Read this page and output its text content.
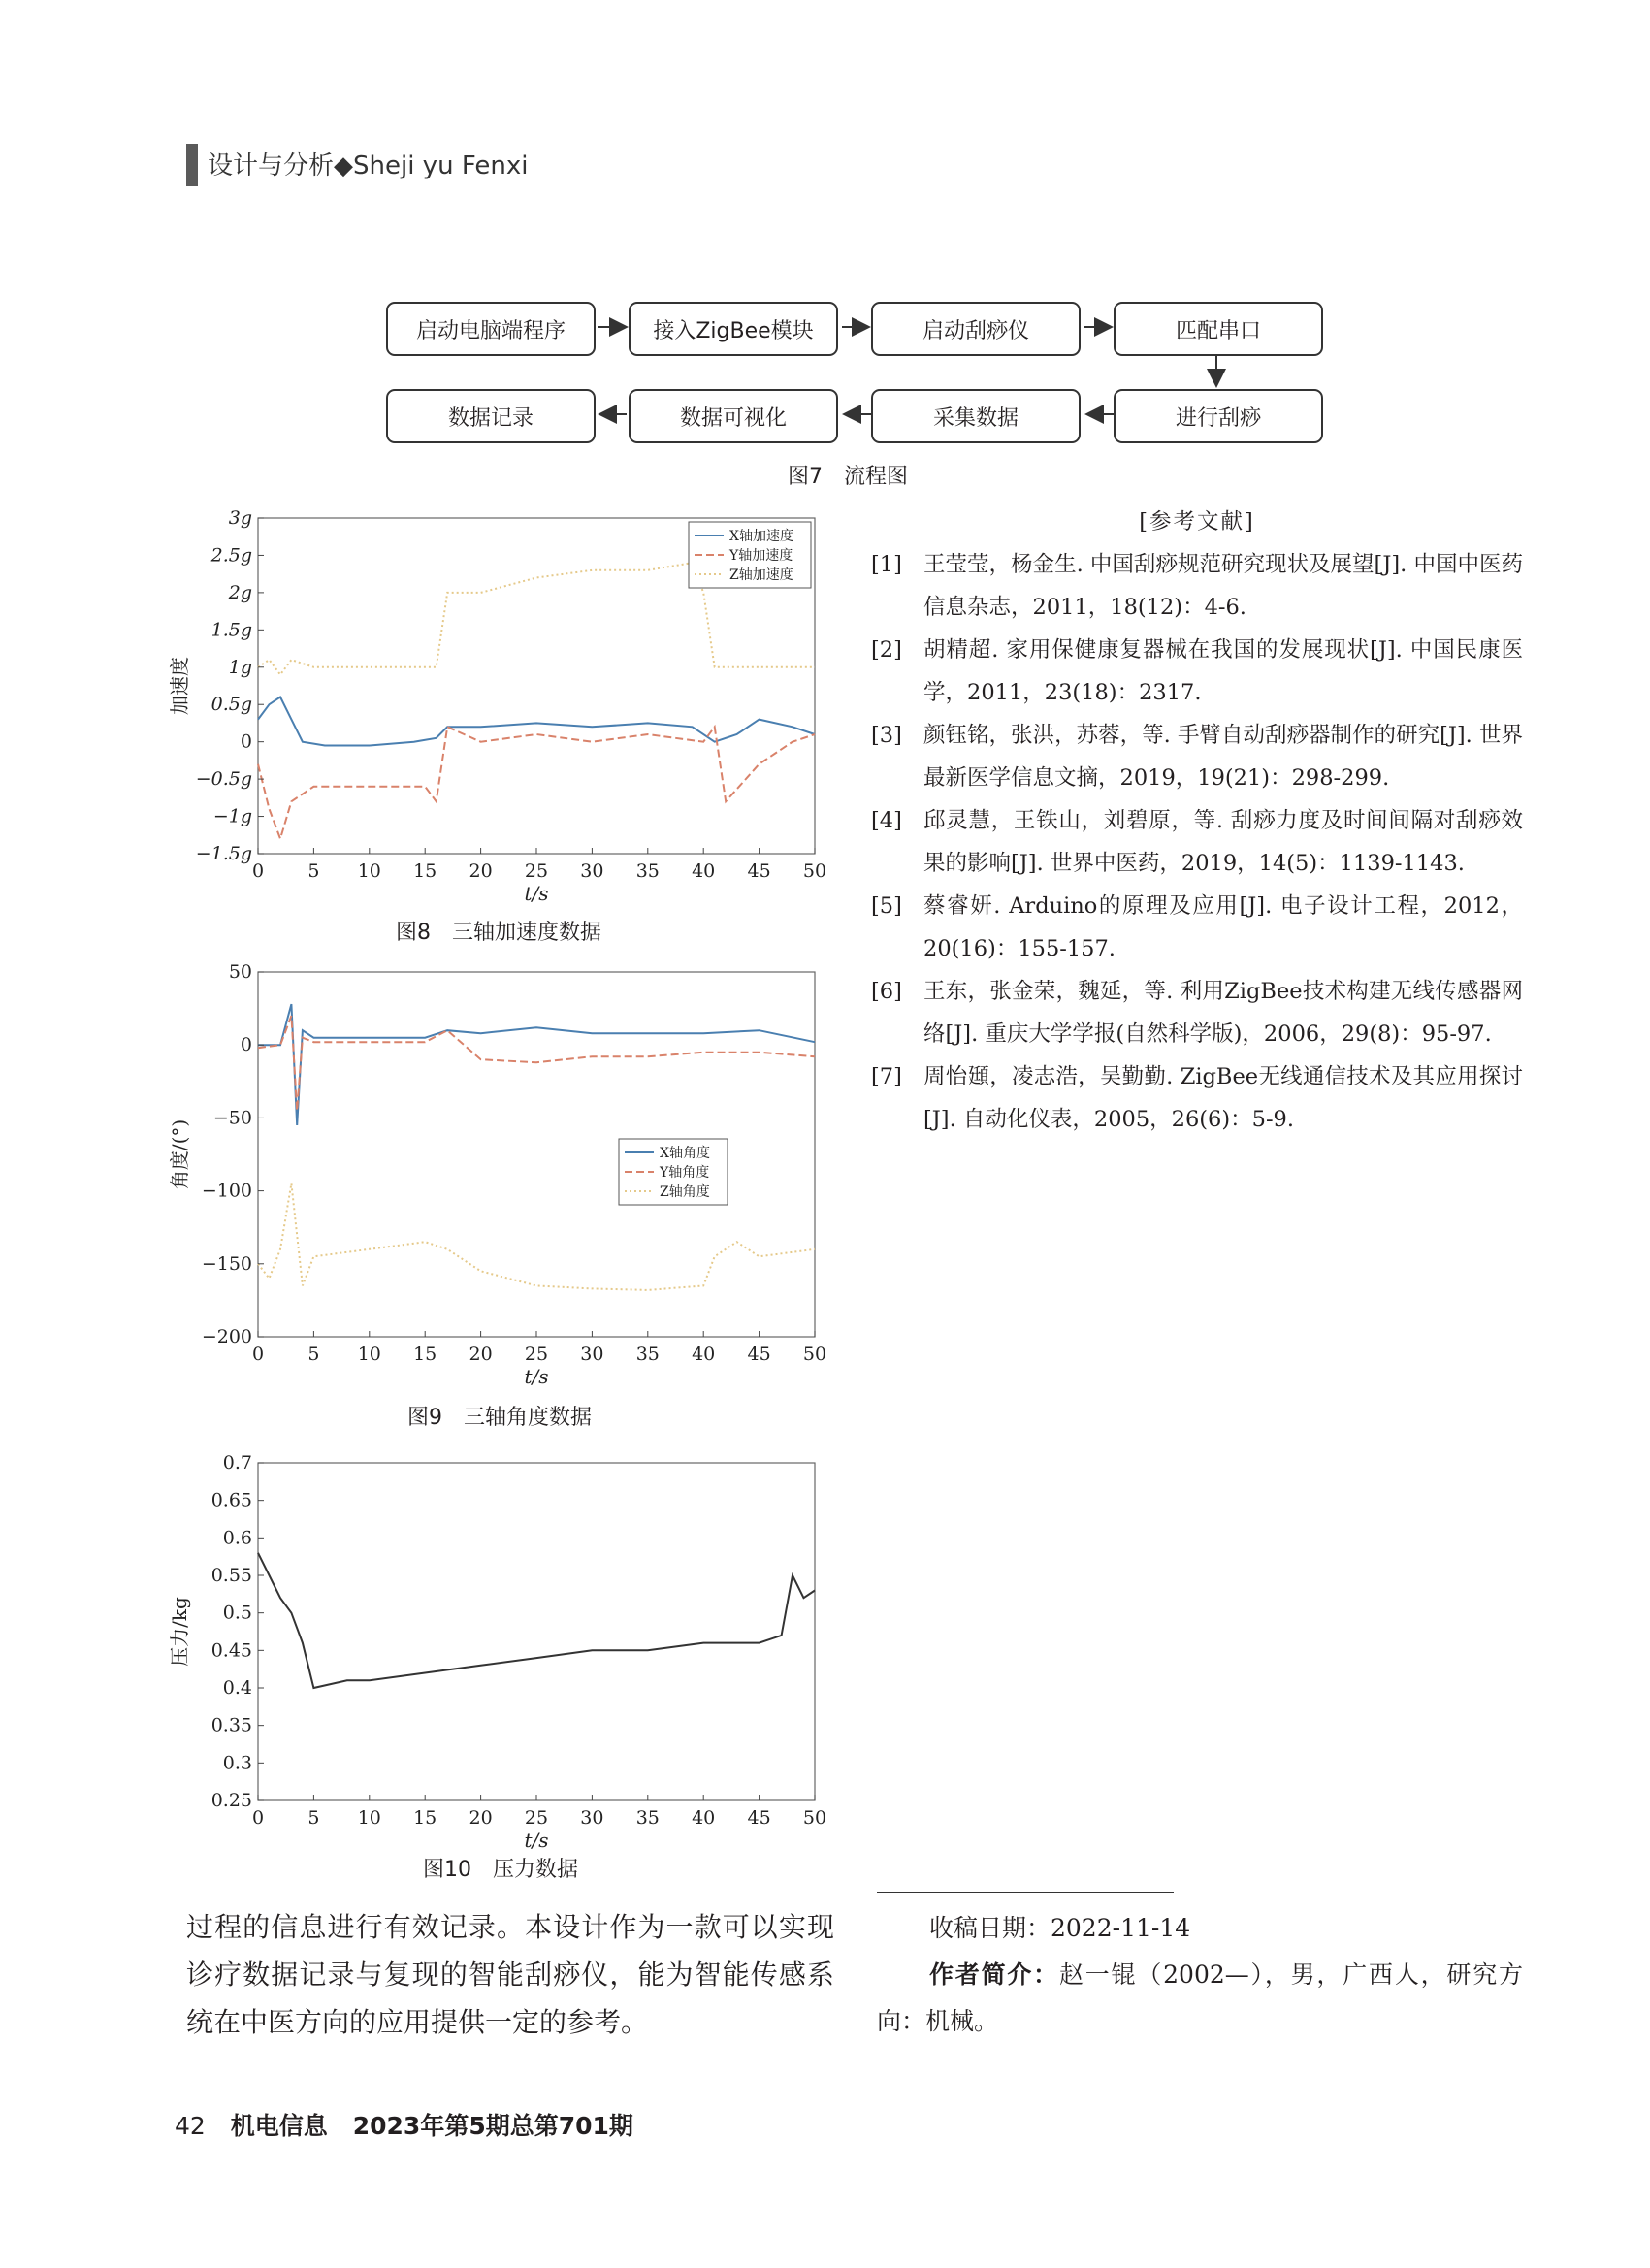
设计与分析◆Sheji yu Fenxi
启动电脑端程序	接入ZigBee模块	启动刮痧仪	匹配串口
进行刮痧
采集数据
数据可视化
数据记录
图7　流程图
0 5 10 15 20 25 30 35 40 45 50
3g
2.5g
2g
1.5g
1g
0.5g
0
−0.5g
−1g
−1.5g
t/s
加速度
X轴加速度
Y轴加速度
Z轴加速度
图8　三轴加速度数据
0 5 10 15 20 25 30 35 40 45 50
50
0
−50
−100
−150
−200
t/s
角度/(°)	X轴角度
Y轴角度
Z轴角度
图9　三轴角度数据
0 5 10 15 20 25 30 35 40 45 50
0.7
0.65
0.6
0.55
0.5
0.45
0.4
0.35
0.3
0.25
t/s
压力/kg
图10　压力数据
[参考文献]
[1] 王莹莹，杨金生. 中国刮痧规范研究现状及展望[J]. 中国中医药信息杂志，2011，18(12)：4-6.
[2] 胡精超. 家用保健康复器械在我国的发展现状[J]. 中国民康医学，2011，23(18)：2317.
[3] 颜钰铭，张洪，苏蓉，等. 手臂自动刮痧器制作的研究[J]. 世界最新医学信息文摘，2019，19(21)：298-299.
[4] 邱灵慧，王铁山，刘碧原，等. 刮痧力度及时间间隔对刮痧效果的影响[J]. 世界中医药，2019，14(5)：1139-1143.
[5] 蔡睿妍. Arduino的原理及应用[J]. 电子设计工程，2012，20(16)：155-157.
[6] 王东，张金荣，魏延，等. 利用ZigBee技术构建无线传感器网络[J]. 重庆大学学报(自然科学版)，2006，29(8)：95-97.
[7] 周怡頲，凌志浩，吴勤勤. ZigBee无线通信技术及其应用探讨[J]. 自动化仪表，2005，26(6)：5-9.
过程的信息进行有效记录。本设计作为一款可以实现诊疗数据记录与复现的智能刮痧仪，能为智能传感系统在中医方向的应用提供一定的参考。
收稿日期：2022-11-14
作者简介：赵一锟（2002—），男，广西人，研究方向：机械。
42 机电信息 2023年第5期总第701期
